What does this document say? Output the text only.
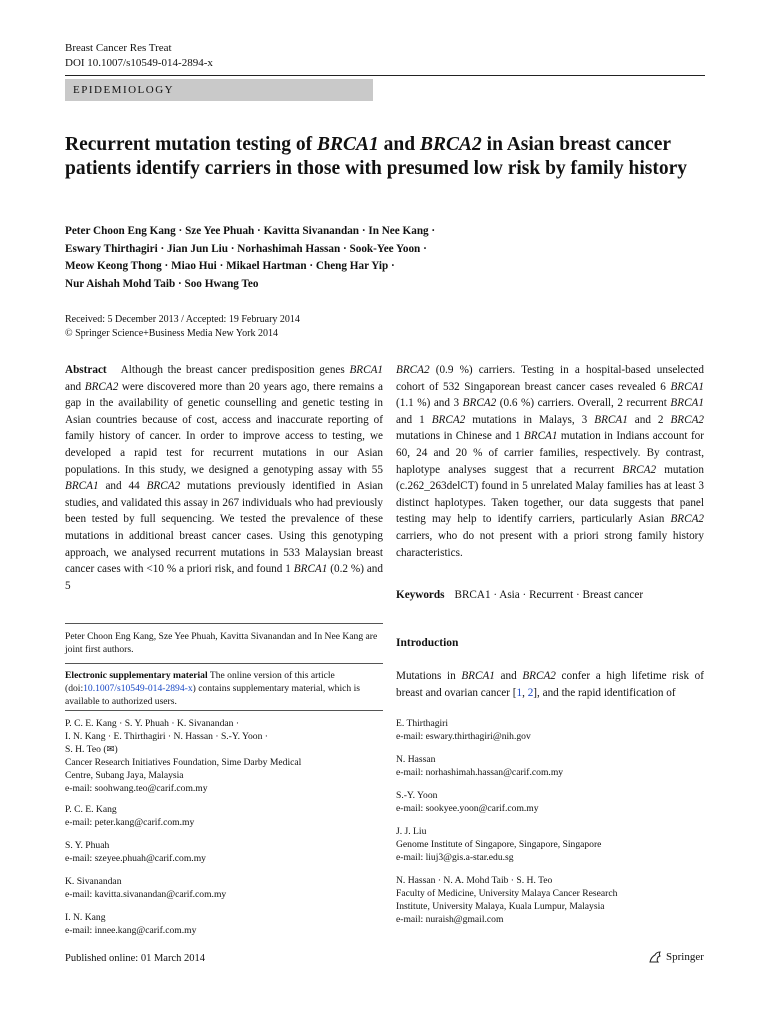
Breast Cancer Res Treat
DOI 10.1007/s10549-014-2894-x
EPIDEMIOLOGY
Recurrent mutation testing of BRCA1 and BRCA2 in Asian breast cancer patients identify carriers in those with presumed low risk by family history
Peter Choon Eng Kang · Sze Yee Phuah · Kavitta Sivanandan · In Nee Kang ·
Eswary Thirthagiri · Jian Jun Liu · Norhashimah Hassan · Sook-Yee Yoon ·
Meow Keong Thong · Miao Hui · Mikael Hartman · Cheng Har Yip ·
Nur Aishah Mohd Taib · Soo Hwang Teo
Received: 5 December 2013 / Accepted: 19 February 2014
© Springer Science+Business Media New York 2014
Abstract Although the breast cancer predisposition genes BRCA1 and BRCA2 were discovered more than 20 years ago, there remains a gap in the availability of genetic counselling and genetic testing in Asian countries because of cost, access and inaccurate reporting of family history of cancer. In order to improve access to testing, we developed a rapid test for recurrent mutations in our Asian populations. In this study, we designed a genotyping assay with 55 BRCA1 and 44 BRCA2 mutations previously identified in Asian studies, and validated this assay in 267 individuals who had previously been tested by full sequencing. We tested the prevalence of these mutations in additional breast cancer cases. Using this genotyping approach, we analysed recurrent mutations in 533 Malaysian breast cancer cases with <10 % a priori risk, and found 1 BRCA1 (0.2 %) and 5
BRCA2 (0.9 %) carriers. Testing in a hospital-based unselected cohort of 532 Singaporean breast cancer cases revealed 6 BRCA1 (1.1 %) and 3 BRCA2 (0.6 %) carriers. Overall, 2 recurrent BRCA1 and 1 BRCA2 mutations in Malays, 3 BRCA1 and 2 BRCA2 mutations in Chinese and 1 BRCA1 mutation in Indians account for 60, 24 and 20 % of carrier families, respectively. By contrast, haplotype analyses suggest that a recurrent BRCA2 mutation (c.262_263delCT) found in 5 unrelated Malay families has at least 3 distinct haplotypes. Taken together, our data suggests that panel testing may help to identify carriers, particularly Asian BRCA2 carriers, who do not present with a priori strong family history characteristics.
Keywords BRCA1 · Asia · Recurrent · Breast cancer
Peter Choon Eng Kang, Sze Yee Phuah, Kavitta Sivanandan and In Nee Kang are joint first authors.
Electronic supplementary material The online version of this article (doi:10.1007/s10549-014-2894-x) contains supplementary material, which is available to authorized users.
Introduction
Mutations in BRCA1 and BRCA2 confer a high lifetime risk of breast and ovarian cancer [1, 2], and the rapid identification of
P. C. E. Kang · S. Y. Phuah · K. Sivanandan ·
I. N. Kang · E. Thirthagiri · N. Hassan · S.-Y. Yoon ·
S. H. Teo (✉)
Cancer Research Initiatives Foundation, Sime Darby Medical
Centre, Subang Jaya, Malaysia
e-mail: soohwang.teo@carif.com.my
P. C. E. Kang
e-mail: peter.kang@carif.com.my
S. Y. Phuah
e-mail: szeyee.phuah@carif.com.my
K. Sivanandan
e-mail: kavitta.sivanandan@carif.com.my
I. N. Kang
e-mail: innee.kang@carif.com.my
E. Thirthagiri
e-mail: eswary.thirthagiri@nih.gov
N. Hassan
e-mail: norhashimah.hassan@carif.com.my
S.-Y. Yoon
e-mail: sookyee.yoon@carif.com.my
J. J. Liu
Genome Institute of Singapore, Singapore, Singapore
e-mail: liuj3@gis.a-star.edu.sg
N. Hassan · N. A. Mohd Taib · S. H. Teo
Faculty of Medicine, University Malaya Cancer Research
Institute, University Malaya, Kuala Lumpur, Malaysia
e-mail: nuraish@gmail.com
Published online: 01 March 2014	Springer
